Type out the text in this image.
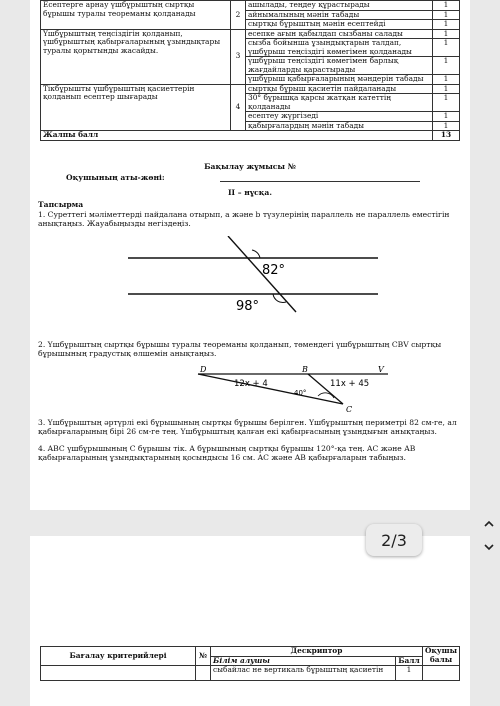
Есептерге арнау үшбұрыштың сыртқы бұрышы туралы теореманы қолданады	2	ашылады, теңдеу құрастырады	1
		айнымалының мәнін табады	1
		сыртқы бұрыштың мәнін есептейді	1
Үшбұрыштың теңсіздігін қолданып, үшбұрыштың қабырғаларының ұзындықтары туралы қорытынды жасайды.	3	есепке ағын қабылдап сызбаны салады	1
		сызба бойынша ұзындықтарын талдап, үшбұрыш теңсіздігі көмегімен қолданады	1
		үшбұрыш теңсіздігі көмегімен барлық жағдайларды қарастырады	1
		үшбұрыш қабырғаларының мәндерін табады	1
Тікбұрышты үшбұрыштың қасиеттерін қолданып есептер шығарады	4	сыртқы бұрыш қасиетін пайдаланады	1
		30° бұрышқа қарсы жатқан катеттің қолданады	1
		есептеу жүргізеді	1
		қабырғалардың мәнін табады	1
Жалпы балл			13
Бақылау жұмысы №
Оқушының аты-жөні:
II – нұсқа.
Тапсырма
1. Суреттегі мәліметтерді пайдалана отырып, a және b түзулерінің параллель не параллель еместігін анықтаңыз. Жауабыңызды негіздеңіз.
82°
98°
2. Үшбұрыштың сыртқы бұрышы туралы теореманы қолданып, төмендегі үшбұрыштың CBV сыртқы бұрышының градустық өлшемін анықтаңыз.
D	B	V
C
12x + 4	11x + 45
40°
3. Үшбұрыштың әртүрлі екі бұрышының сыртқы бұрышы берілген. Үшбұрыштың периметрі 82 см-ге, ал қабырғаларының бірі 26 см-ге тең. Үшбұрыштың қалған екі қабырғасының ұзындығын анықтаңыз.
4. ABC үшбұрышының C бұрышы тік. A бұрышының сыртқы бұрышы 120°-қа тең. AC және AB қабырғаларының ұзындықтарының қосындысы 16 см. AC және AB қабырғаларын табыңыз.
Бағалау критерийлері	№	Дескриптор		Оқушы балы
		Білім алушы	Балл	
		сыбайлас не вертикаль бұрыштың қасиетін	1	
2/3
